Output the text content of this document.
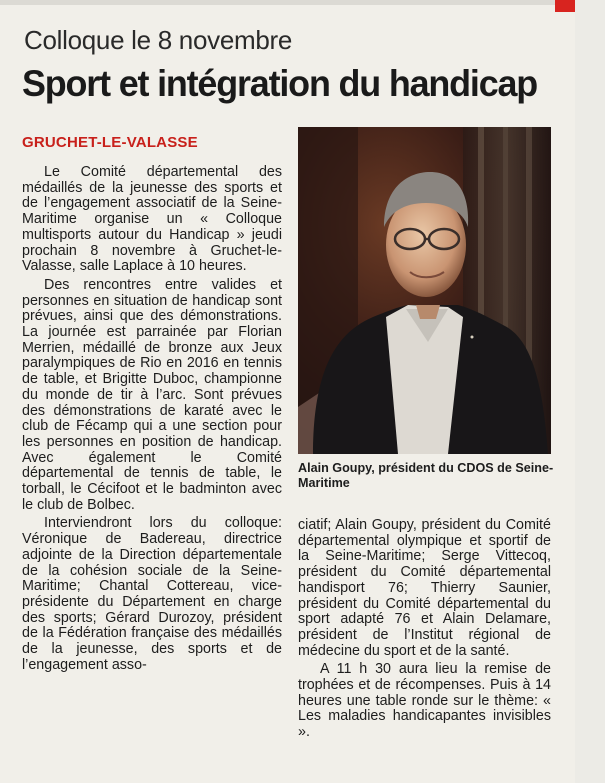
Colloque le 8 novembre
Sport et intégration du handicap
GRUCHET-LE-VALASSE

Le Comité départemental des médaillés de la jeunesse des sports et de l’engagement associatif de la Seine-Maritime organise un « Colloque multisports autour du Handicap » jeudi prochain 8 novembre à Gruchet-le-Valasse, salle Laplace à 10 heures.

Des rencontres entre valides et personnes en situation de handicap sont prévues, ainsi que des démonstrations. La journée est parrainée par Florian Merrien, médaillé de bronze aux Jeux paralympiques de Rio en 2016 en tennis de table, et Brigitte Duboc, championne du monde de tir à l’arc. Sont prévues des démonstrations de karaté avec le club de Fécamp qui a une section pour les personnes en position de handicap. Avec également le Comité départemental de tennis de table, le torball, le Cécifoot et le badminton avec le club de Bolbec.

Interviendront lors du colloque: Véronique de Badereau, directrice adjointe de la Direction départementale de la cohésion sociale de la Seine-Maritime; Chantal Cottereau, vice-présidente du Département en charge des sports; Gérard Durozoy, président de la Fédération française des médaillés de la jeunesse, des sports et de l’engagement asso-

Alain Goupy, président du CDOS de Seine-Maritime

ciatif; Alain Goupy, président du Comité départemental olympique et sportif de la Seine-Maritime; Serge Vittecoq, président du Comité départemental handisport 76; Thierry Saunier, président du Comité départemental du sport adapté 76 et Alain Delamare, président de l’Institut régional de médecine du sport et de la santé.

A 11 h 30 aura lieu la remise de trophées et de récompenses. Puis à 14 heures une table ronde sur le thème: « Les maladies handicapantes invisibles ».
